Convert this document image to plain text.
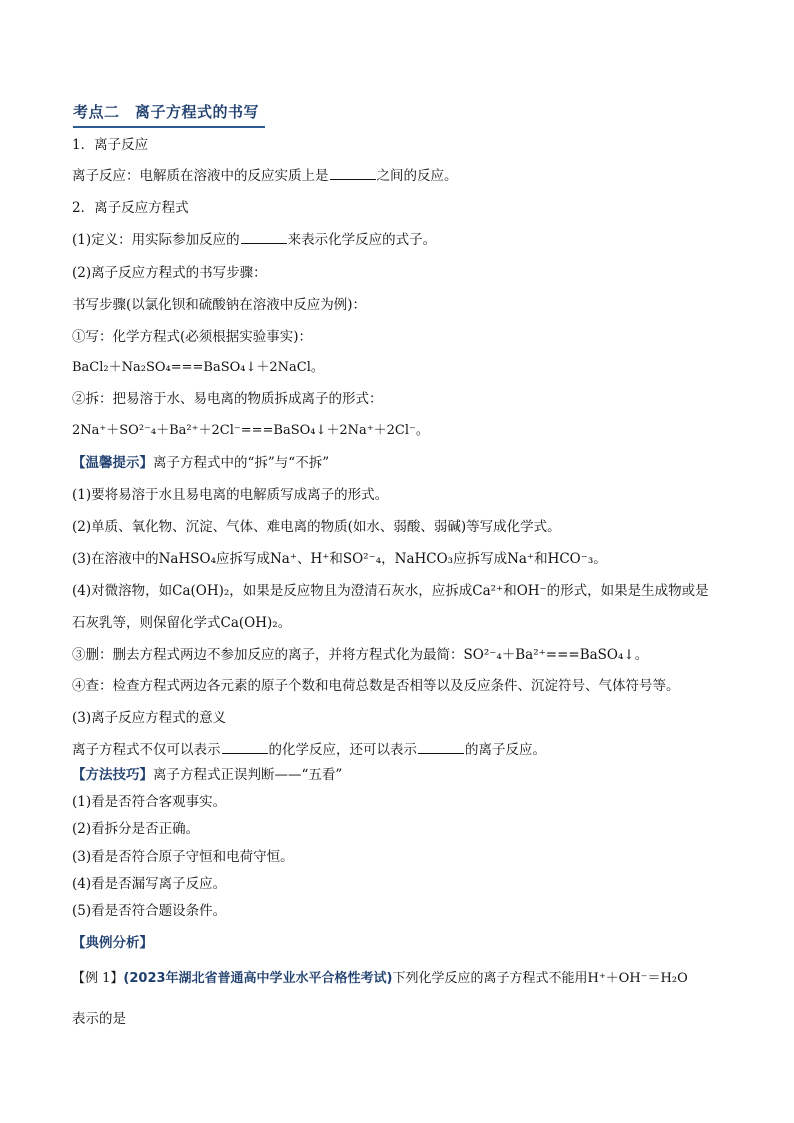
考点二　离子方程式的书写
1．离子反应
离子反应：电解质在溶液中的反应实质上是	之间的反应。
2．离子反应方程式
(1)定义：用实际参加反应的	来表示化学反应的式子。
(2)离子反应方程式的书写步骤：
书写步骤(以氯化钡和硫酸钠在溶液中反应为例)：
①写：化学方程式(必须根据实验事实)：
BaCl₂＋Na₂SO₄===BaSO₄↓＋2NaCl。
②拆：把易溶于水、易电离的物质拆成离子的形式：
2Na⁺＋SO²⁻₄＋Ba²⁺＋2Cl⁻===BaSO₄↓＋2Na⁺＋2Cl⁻。
【温馨提示】离子方程式中的“拆”与“不拆”
(1)要将易溶于水且易电离的电解质写成离子的形式。
(2)单质、氧化物、沉淀、气体、难电离的物质(如水、弱酸、弱碱)等写成化学式。
(3)在溶液中的NaHSO₄应拆写成Na⁺、H⁺和SO²⁻₄，NaHCO₃应拆写成Na⁺和HCO⁻₃。
(4)对微溶物，如Ca(OH)₂，如果是反应物且为澄清石灰水，应拆成Ca²⁺和OH⁻的形式，如果是生成物或是
石灰乳等，则保留化学式Ca(OH)₂。
③删：删去方程式两边不参加反应的离子，并将方程式化为最简：SO²⁻₄＋Ba²⁺===BaSO₄↓。
④查：检查方程式两边各元素的原子个数和电荷总数是否相等以及反应条件、沉淀符号、气体符号等。
(3)离子反应方程式的意义
离子方程式不仅可以表示	的化学反应，还可以表示	的离子反应。
【方法技巧】离子方程式正误判断——“五看”
(1)看是否符合客观事实。
(2)看拆分是否正确。
(3)看是否符合原子守恒和电荷守恒。
(4)看是否漏写离子反应。
(5)看是否符合题设条件。
【典例分析】
【例 1】(2023年湖北省普通高中学业水平合格性考试)下列化学反应的离子方程式不能用H⁺＋OH⁻＝H₂O
表示的是
